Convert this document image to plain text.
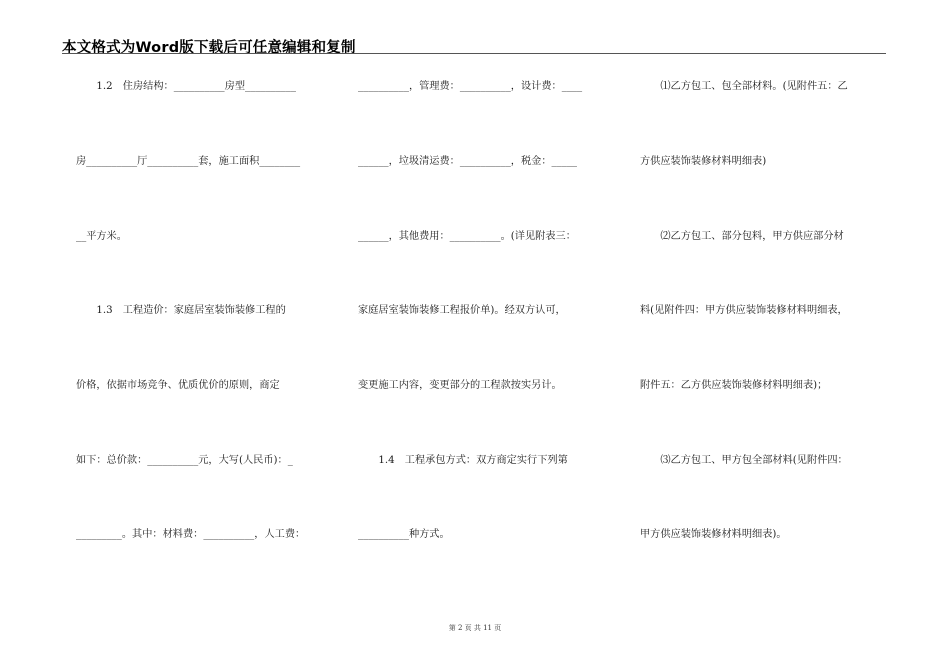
本文格式为Word版下载后可任意编辑和复制
　　1.2　住房结构：__________房型__________
房__________厅__________套，施工面积________
__平方米。
　　1.3　工程造价：家庭居室装饰装修工程的
价格，依据市场竞争、优质优价的原则，商定
如下：总价款：__________元，大写(人民币)：_
_________。其中：材料费：__________，人工费：
__________，管理费：__________，设计费：____
______，垃圾清运费：__________，税金：_____
______，其他费用：__________。(详见附表三：
家庭居室装饰装修工程报价单)。经双方认可，
变更施工内容，变更部分的工程款按实另计。
　　1.4　工程承包方式：双方商定实行下列第
__________种方式。
　　⑴乙方包工、包全部材料。(见附件五：乙
方供应装饰装修材料明细表)
　　⑵乙方包工、部分包料，甲方供应部分材
料(见附件四：甲方供应装饰装修材料明细表，
附件五：乙方供应装饰装修材料明细表)；
　　⑶乙方包工、甲方包全部材料(见附件四：
甲方供应装饰装修材料明细表)。
第 2 页 共 11 页
